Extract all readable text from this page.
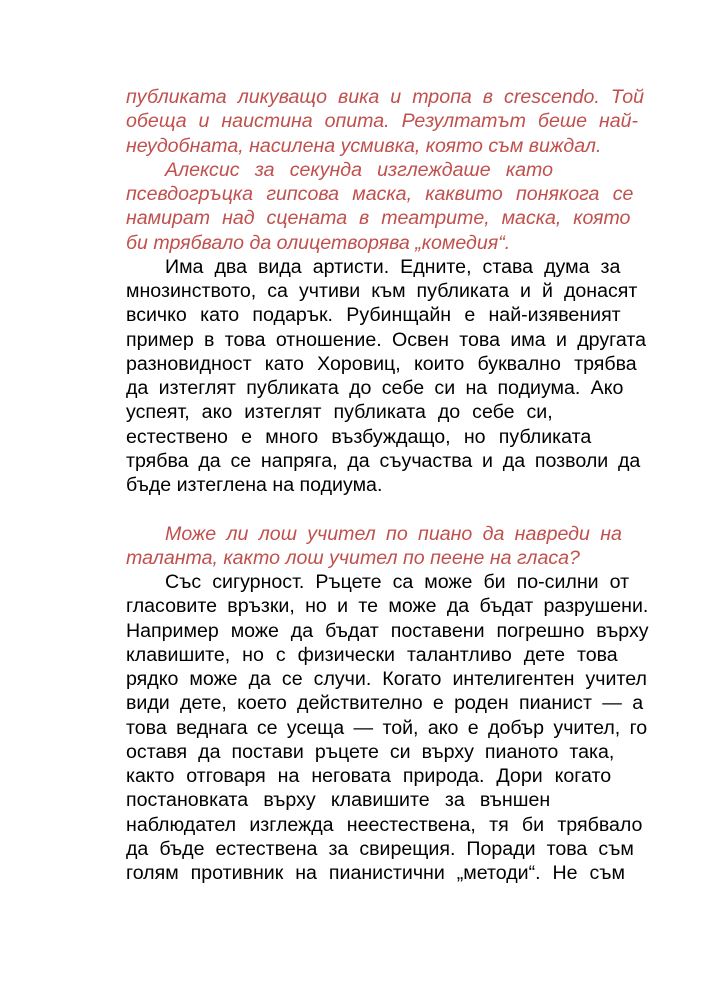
публиката ликуващо вика и тропа в crescendo. Той
обеща и наистина опита. Резултатът беше най-
неудобната, насилена усмивка, която съм виждал.
Алексис за секунда изглеждаше като
псевдогръцка гипсова маска, каквито понякога се
намират над сцената в театрите, маска, която
би трябвало да олицетворява „комедия“.
Има два вида артисти. Едните, става дума за
мнозинството, са учтиви към публиката и й донасят
всичко като подарък. Рубинщайн е най-изявеният
пример в това отношение. Освен това има и другата
разновидност като Хоровиц, които буквално трябва
да изтеглят публиката до себе си на подиума. Ако
успеят, ако изтеглят публиката до себе си,
естествено е много възбуждащо, но публиката
трябва да се напряга, да съучаства и да позволи да
бъде изтеглена на подиума.
Може ли лош учител по пиано да навреди на
таланта, както лош учител по пеене на гласа?
Със сигурност. Ръцете са може би по-силни от
гласовите връзки, но и те може да бъдат разрушени.
Например може да бъдат поставени погрешно върху
клавишите, но с физически талантливо дете това
рядко може да се случи. Когато интелигентен учител
види дете, което действително е роден пианист — а
това веднага се усеща — той, ако е добър учител, го
оставя да постави ръцете си върху пианото така,
както отговаря на неговата природа. Дори когато
постановката върху клавишите за външен
наблюдател изглежда неестествена, тя би трябвало
да бъде естествена за свирещия. Поради това съм
голям противник на пианистични „методи“. Не съм
